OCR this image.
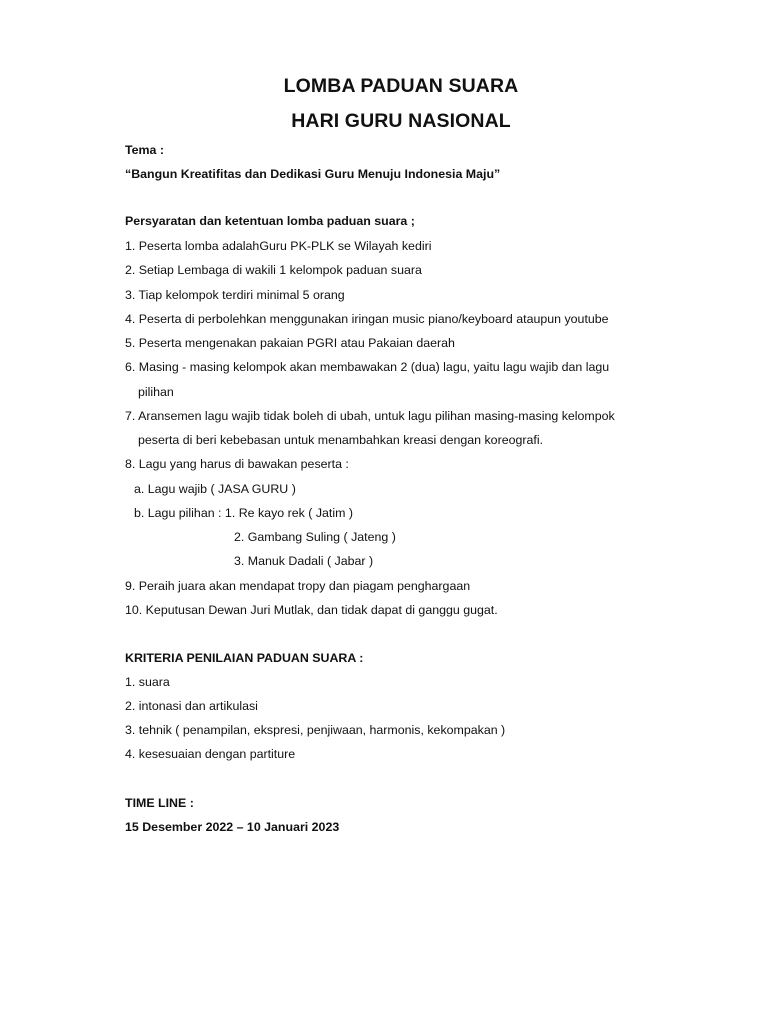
LOMBA PADUAN SUARA
HARI GURU NASIONAL
Tema :
“Bangun Kreatifitas dan Dedikasi Guru Menuju Indonesia Maju”
Persyaratan dan ketentuan lomba paduan suara ;
1. Peserta lomba adalahGuru PK-PLK se Wilayah kediri
2. Setiap Lembaga di wakili 1 kelompok paduan suara
3. Tiap kelompok terdiri minimal 5 orang
4. Peserta di perbolehkan menggunakan iringan music piano/keyboard ataupun youtube
5. Peserta mengenakan pakaian PGRI atau Pakaian daerah
6. Masing - masing kelompok akan membawakan 2 (dua) lagu, yaitu lagu wajib dan lagu
pilihan
7. Aransemen lagu wajib tidak boleh di ubah, untuk lagu pilihan masing-masing kelompok
peserta di beri kebebasan untuk menambahkan kreasi dengan koreografi.
8. Lagu yang harus di bawakan peserta :
a. Lagu wajib ( JASA GURU )
b. Lagu pilihan : 1. Re kayo rek ( Jatim )
2. Gambang Suling ( Jateng )
3. Manuk Dadali ( Jabar )
9. Peraih juara akan mendapat tropy dan piagam penghargaan
10. Keputusan Dewan Juri Mutlak, dan tidak dapat di ganggu gugat.
KRITERIA PENILAIAN PADUAN SUARA :
1. suara
2. intonasi dan artikulasi
3. tehnik ( penampilan, ekspresi, penjiwaan, harmonis, kekompakan )
4. kesesuaian dengan partiture
TIME LINE :
15 Desember 2022 – 10 Januari 2023
